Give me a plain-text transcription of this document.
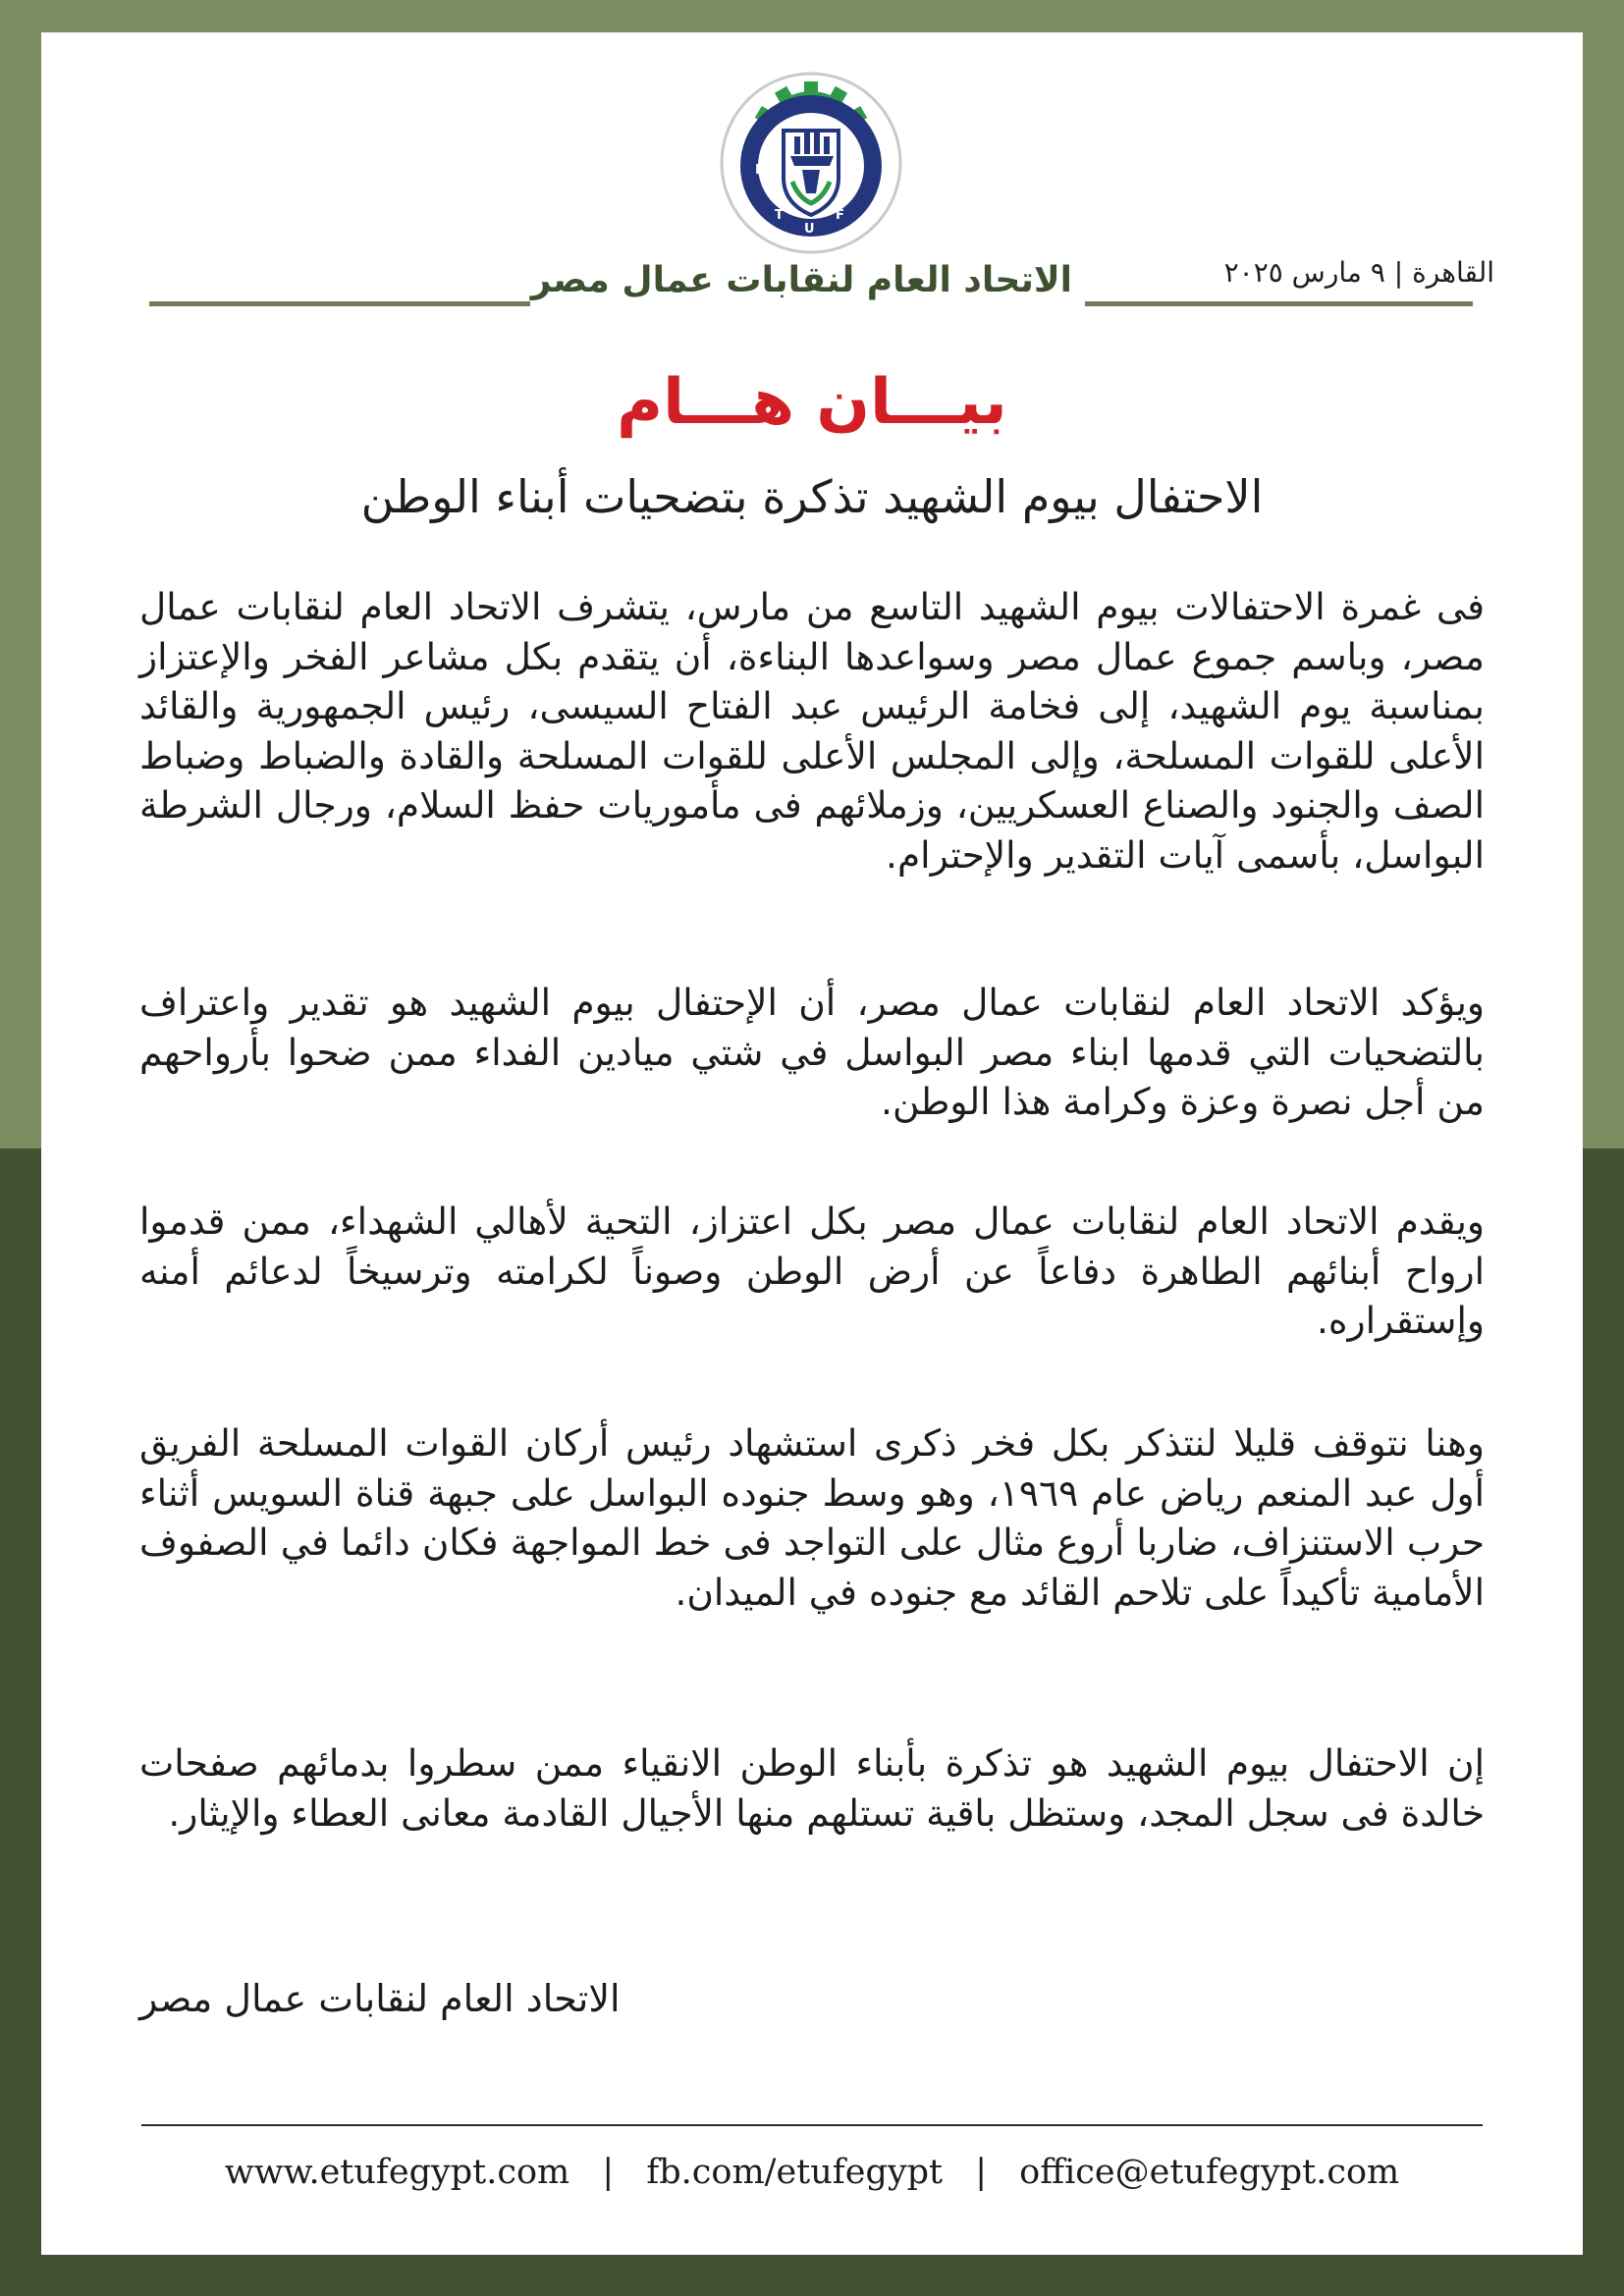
E
T
U
F
الاتحاد العام لنقابات عمال مصر	القاهرة | ٩ مارس ٢٠٢٥
بيـــان هـــام
الاحتفال بيوم الشهيد تذكرة بتضحيات أبناء الوطن
فى غمرة الاحتفالات بيوم الشهيد التاسع من مارس، يتشرف الاتحاد العام لنقابات عمال مصر، وباسم جموع عمال مصر وسواعدها البناءة، أن يتقدم بكل مشاعر الفخر والإعتزاز بمناسبة يوم الشهيد، إلى فخامة الرئيس عبد الفتاح السيسى، رئيس الجمهورية والقائد الأعلى للقوات المسلحة، وإلى المجلس الأعلى للقوات المسلحة والقادة والضباط وضباط الصف والجنود والصناع العسكريين، وزملائهم فى مأموريات حفظ السلام، ورجال الشرطة البواسل، بأسمى آيات التقدير والإحترام.
ويؤكد الاتحاد العام لنقابات عمال مصر، أن الإحتفال بيوم الشهيد هو تقدير واعتراف بالتضحيات التي قدمها ابناء مصر البواسل في شتي ميادين الفداء ممن ضحوا بأرواحهم من أجل نصرة وعزة وكرامة هذا الوطن.
ويقدم الاتحاد العام لنقابات عمال مصر بكل اعتزاز، التحية لأهالي الشهداء، ممن قدموا ارواح أبنائهم الطاهرة دفاعاً عن أرض الوطن وصوناً لكرامته وترسيخاً لدعائم أمنه وإستقراره.
وهنا نتوقف قليلا لنتذكر بكل فخر ذكرى استشهاد رئيس أركان القوات المسلحة الفريق أول عبد المنعم رياض عام ١٩٦٩، وهو وسط جنوده البواسل على جبهة قناة السويس أثناء حرب الاستنزاف، ضاربا أروع مثال على التواجد فى خط المواجهة فكان دائما في الصفوف الأمامية تأكيداً على تلاحم القائد مع جنوده في الميدان.
إن الاحتفال بيوم الشهيد هو تذكرة بأبناء الوطن الانقياء ممن سطروا بدمائهم صفحات خالدة فى سجل المجد، وستظل باقية تستلهم منها الأجيال القادمة معانى العطاء والإيثار.
الاتحاد العام لنقابات عمال مصر
www.etufegypt.com | fb.com/etufegypt | office@etufegypt.com
